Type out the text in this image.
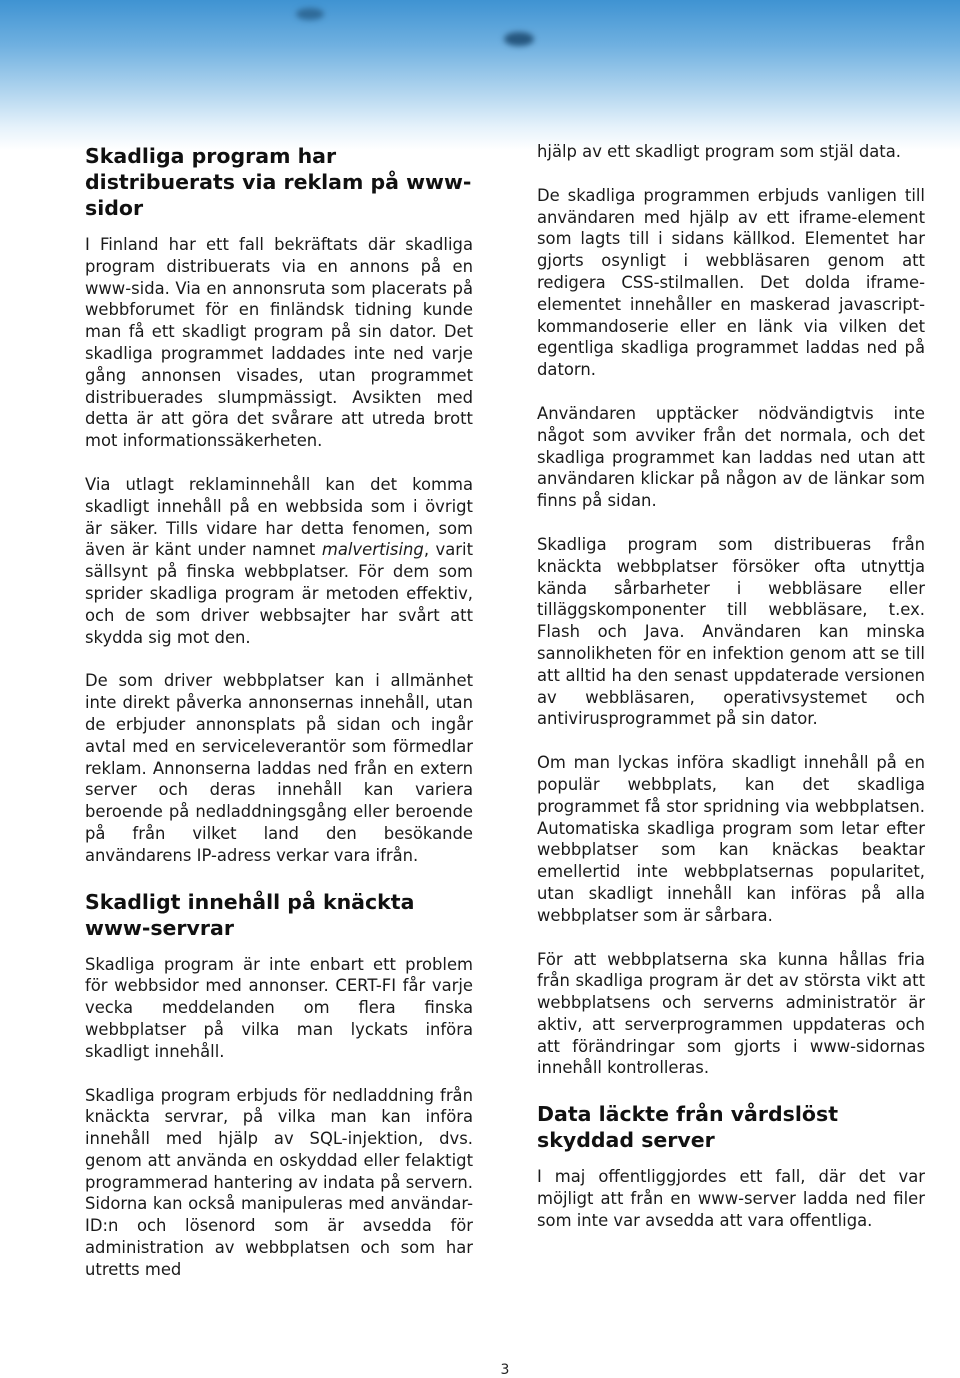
Skadliga program har distribuerats via reklam på www-sidor

I Finland har ett fall bekräftats där skadliga program distribuerats via en annons på en www-sida. Via en annonsruta som placerats på webbforumet för en finländsk tidning kunde man få ett skadligt program på sin dator. Det skadliga programmet laddades inte ned varje gång annonsen visades, utan programmet distribuerades slumpmässigt. Avsikten med detta är att göra det svårare att utreda brott mot informationssäkerheten.

Via utlagt reklaminnehåll kan det komma skadligt innehåll på en webbsida som i övrigt är säker. Tills vidare har detta fenomen, som även är känt under namnet malvertising, varit sällsynt på finska webbplatser. För dem som sprider skadliga program är metoden effektiv, och de som driver webbsajter har svårt att skydda sig mot den.

De som driver webbplatser kan i allmänhet inte direkt påverka annonsernas innehåll, utan de erbjuder annonsplats på sidan och ingår avtal med en serviceleverantör som förmedlar reklam. Annonserna laddas ned från en extern server och deras innehåll kan variera beroende på nedladdningsgång eller beroende på från vilket land den besökande användarens IP-adress verkar vara ifrån.

Skadligt innehåll på knäckta www-servrar

Skadliga program är inte enbart ett problem för webbsidor med annonser. CERT-FI får varje vecka meddelanden om flera finska webbplatser på vilka man lyckats införa skadligt innehåll.

Skadliga program erbjuds för nedladdning från knäckta servrar, på vilka man kan införa innehåll med hjälp av SQL-injektion, dvs. genom att använda en oskyddad eller felaktigt programmerad hantering av indata på servern. Sidorna kan också manipuleras med användar-ID:n och lösenord som är avsedda för administration av webbplatsen och som har utretts med

hjälp av ett skadligt program som stjäl data.

De skadliga programmen erbjuds vanligen till användaren med hjälp av ett iframe-element som lagts till i sidans källkod. Elementet har gjorts osynligt i webbläsaren genom att redigera CSS-stilmallen. Det dolda iframe-elementet innehåller en maskerad javascript-kommandoserie eller en länk via vilken det egentliga skadliga programmet laddas ned på datorn.

Användaren upptäcker nödvändigtvis inte något som avviker från det normala, och det skadliga programmet kan laddas ned utan att användaren klickar på någon av de länkar som finns på sidan.

Skadliga program som distribueras från knäckta webbplatser försöker ofta utnyttja kända sårbarheter i webbläsare eller tilläggskomponenter till webbläsare, t.ex. Flash och Java. Användaren kan minska sannolikheten för en infektion genom att se till att alltid ha den senast uppdaterade versionen av webbläsaren, operativsystemet och antivirusprogrammet på sin dator.

Om man lyckas införa skadligt innehåll på en populär webbplats, kan det skadliga programmet få stor spridning via webbplatsen. Automatiska skadliga program som letar efter webbplatser som kan knäckas beaktar emellertid inte webbplatsernas popularitet, utan skadligt innehåll kan införas på alla webbplatser som är sårbara.

För att webbplatserna ska kunna hållas fria från skadliga program är det av största vikt att webbplatsens och serverns administratör är aktiv, att serverprogrammen uppdateras och att förändringar som gjorts i www-sidornas innehåll kontrolleras.

Data läckte från vårdslöst skyddad server

I maj offentliggjordes ett fall, där det var möjligt att från en www-server ladda ned filer som inte var avsedda att vara offentliga.

3
